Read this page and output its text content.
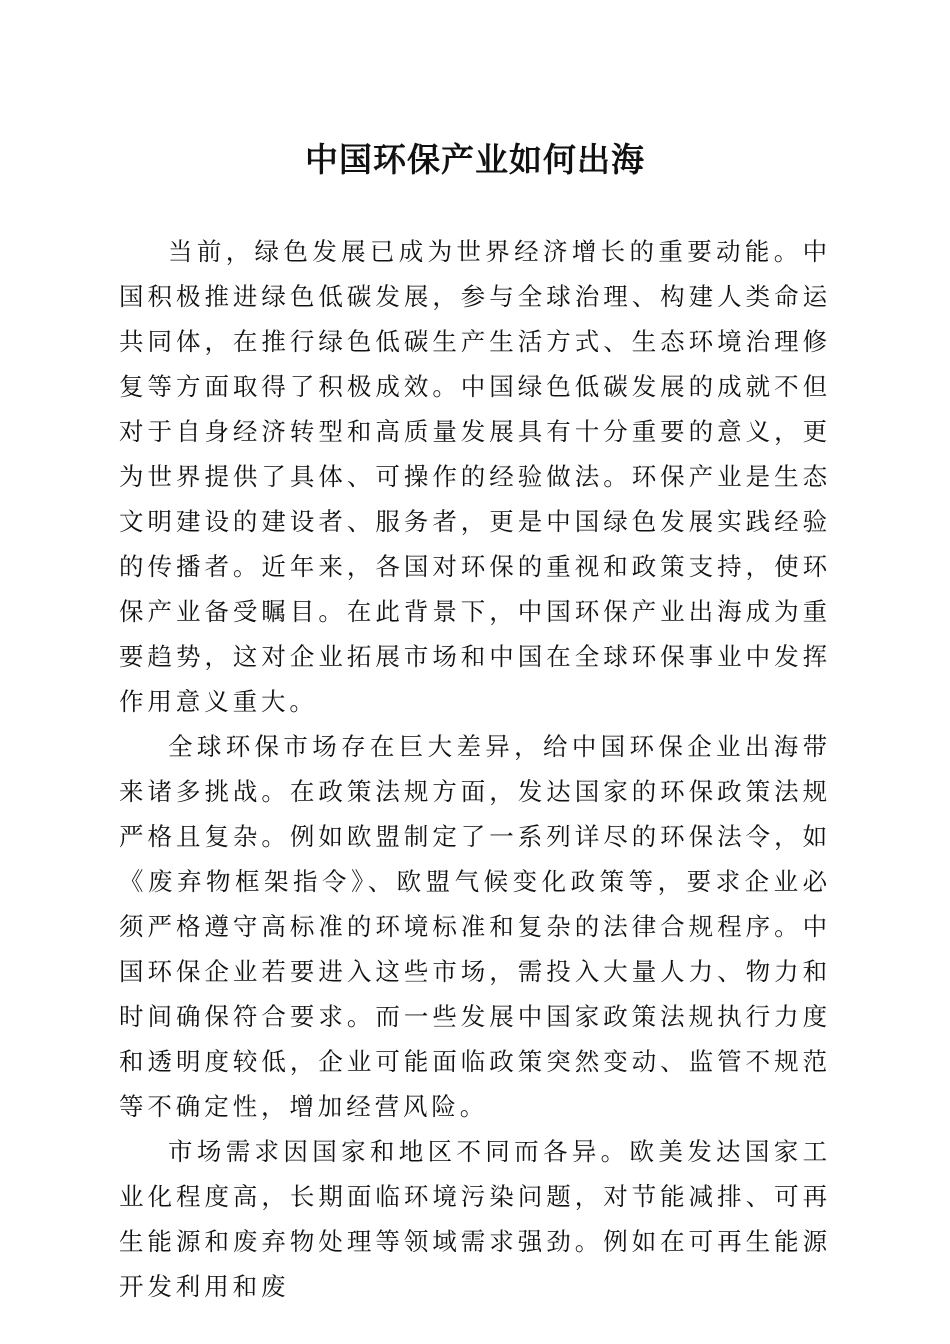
中国环保产业如何出海

当前，绿色发展已成为世界经济增长的重要动能。中国积极推进绿色低碳发展，参与全球治理、构建人类命运共同体，在推行绿色低碳生产生活方式、生态环境治理修复等方面取得了积极成效。中国绿色低碳发展的成就不但对于自身经济转型和高质量发展具有十分重要的意义，更为世界提供了具体、可操作的经验做法。环保产业是生态文明建设的建设者、服务者，更是中国绿色发展实践经验的传播者。近年来，各国对环保的重视和政策支持，使环保产业备受瞩目。在此背景下，中国环保产业出海成为重要趋势，这对企业拓展市场和中国在全球环保事业中发挥作用意义重大。

全球环保市场存在巨大差异，给中国环保企业出海带来诸多挑战。在政策法规方面，发达国家的环保政策法规严格且复杂。例如欧盟制定了一系列详尽的环保法令，如《废弃物框架指令》、欧盟气候变化政策等，要求企业必须严格遵守高标准的环境标准和复杂的法律合规程序。中国环保企业若要进入这些市场，需投入大量人力、物力和时间确保符合要求。而一些发展中国家政策法规执行力度和透明度较低，企业可能面临政策突然变动、监管不规范等不确定性，增加经营风险。

市场需求因国家和地区不同而各异。欧美发达国家工业化程度高，长期面临环境污染问题，对节能减排、可再生能源和废弃物处理等领域需求强劲。例如在可再生能源开发利用和废
